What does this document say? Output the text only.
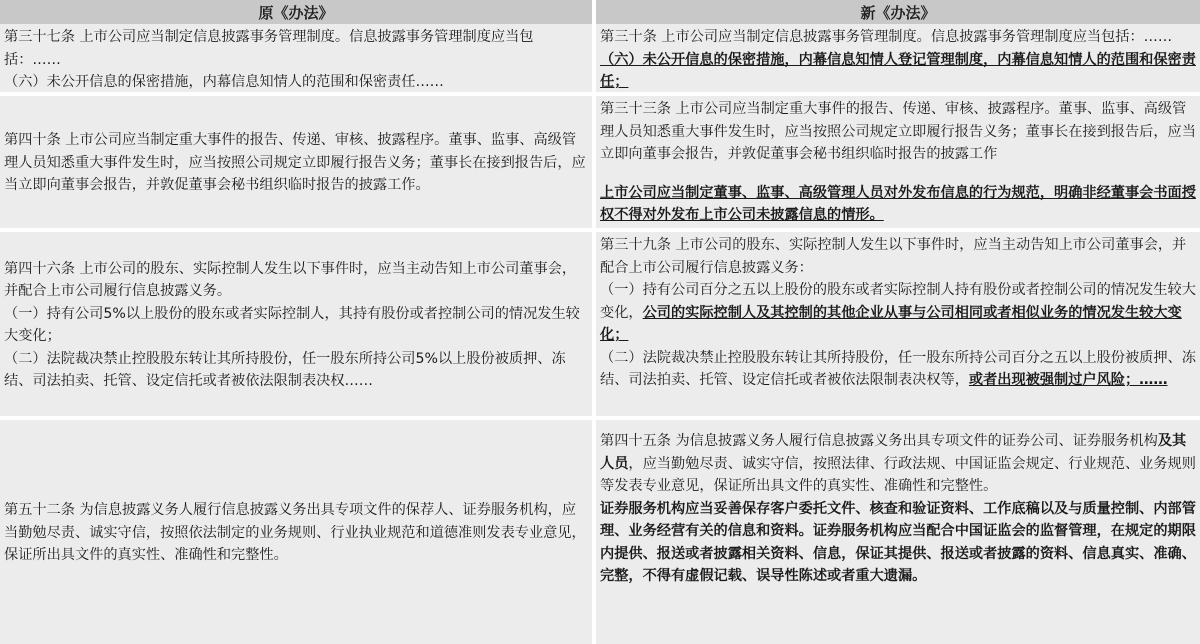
原《办法》	新《办法》
第三十七条 上市公司应当制定信息披露事务管理制度。信息披露事务管理制度应当包括：……
（六）未公开信息的保密措施，内幕信息知情人的范围和保密责任……
第三十条 上市公司应当制定信息披露事务管理制度。信息披露事务管理制度应当包括：……（六）未公开信息的保密措施，内幕信息知情人登记管理制度，内幕信息知情人的范围和保密责任；
第四十条 上市公司应当制定重大事件的报告、传递、审核、披露程序。董事、监事、高级管理人员知悉重大事件发生时，应当按照公司规定立即履行报告义务；董事长在接到报告后，应当立即向董事会报告，并敦促董事会秘书组织临时报告的披露工作。
第三十三条 上市公司应当制定重大事件的报告、传递、审核、披露程序。董事、监事、高级管理人员知悉重大事件发生时，应当按照公司规定立即履行报告义务；董事长在接到报告后，应当立即向董事会报告，并敦促董事会秘书组织临时报告的披露工作
上市公司应当制定董事、监事、高级管理人员对外发布信息的行为规范，明确非经董事会书面授权不得对外发布上市公司未披露信息的情形。
第四十六条 上市公司的股东、实际控制人发生以下事件时，应当主动告知上市公司董事会，并配合上市公司履行信息披露义务。
（一）持有公司5%以上股份的股东或者实际控制人，其持有股份或者控制公司的情况发生较大变化；
（二）法院裁决禁止控股股东转让其所持股份，任一股东所持公司5%以上股份被质押、冻结、司法拍卖、托管、设定信托或者被依法限制表决权……
第三十九条 上市公司的股东、实际控制人发生以下事件时，应当主动告知上市公司董事会，并配合上市公司履行信息披露义务：
（一）持有公司百分之五以上股份的股东或者实际控制人持有股份或者控制公司的情况发生较大变化，公司的实际控制人及其控制的其他企业从事与公司相同或者相似业务的情况发生较大变化；
（二）法院裁决禁止控股股东转让其所持股份，任一股东所持公司百分之五以上股份被质押、冻结、司法拍卖、托管、设定信托或者被依法限制表决权等，或者出现被强制过户风险；……
第五十二条 为信息披露义务人履行信息披露义务出具专项文件的保荐人、证券服务机构，应当勤勉尽责、诚实守信，按照依法制定的业务规则、行业执业规范和道德准则发表专业意见，保证所出具文件的真实性、准确性和完整性。
第四十五条 为信息披露义务人履行信息披露义务出具专项文件的证券公司、证券服务机构及其人员，应当勤勉尽责、诚实守信，按照法律、行政法规、中国证监会规定、行业规范、业务规则等发表专业意见，保证所出具文件的真实性、准确性和完整性。
证券服务机构应当妥善保存客户委托文件、核查和验证资料、工作底稿以及与质量控制、内部管理、业务经营有关的信息和资料。证券服务机构应当配合中国证监会的监督管理，在规定的期限内提供、报送或者披露相关资料、信息，保证其提供、报送或者披露的资料、信息真实、准确、完整，不得有虚假记载、误导性陈述或者重大遗漏。
